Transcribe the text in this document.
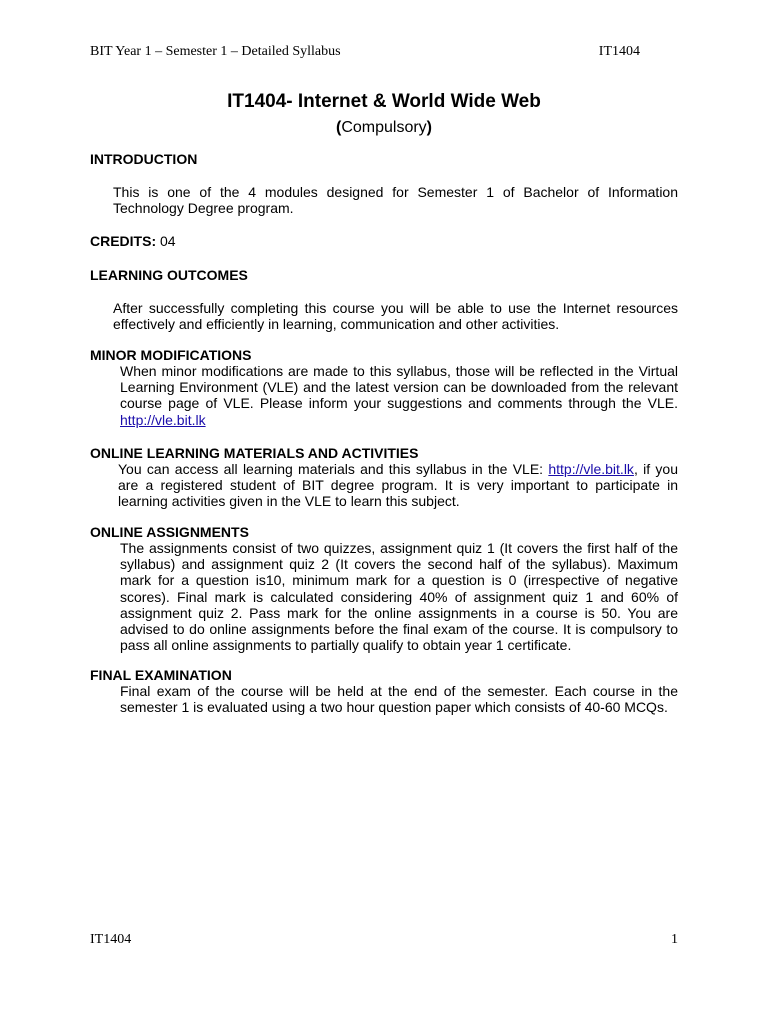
BIT Year 1 – Semester 1 – Detailed Syllabus	IT1404
IT1404- Internet & World Wide Web

(Compulsory)

INTRODUCTION

This is one of the 4 modules designed for Semester 1 of Bachelor of Information Technology Degree program.

CREDITS: 04
LEARNING OUTCOMES

After successfully completing this course you will be able to use the Internet resources effectively and efficiently in learning, communication and other activities.

MINOR MODIFICATIONS

When minor modifications are made to this syllabus, those will be reflected in the Virtual Learning Environment (VLE) and the latest version can be downloaded from the relevant course page of VLE. Please inform your suggestions and comments through the VLE. http://vle.bit.lk

ONLINE LEARNING MATERIALS AND ACTIVITIES

You can access all learning materials and this syllabus in the VLE: http://vle.bit.lk, if you are a registered student of BIT degree program. It is very important to participate in learning activities given in the VLE to learn this subject.

ONLINE ASSIGNMENTS

The assignments consist of two quizzes, assignment quiz 1 (It covers the first half of the syllabus) and assignment quiz 2 (It covers the second half of the syllabus). Maximum mark for a question is10, minimum mark for a question is 0 (irrespective of negative scores). Final mark is calculated considering 40% of assignment quiz 1 and 60% of assignment quiz 2. Pass mark for the online assignments in a course is 50. You are advised to do online assignments before the final exam of the course. It is compulsory to pass all online assignments to partially qualify to obtain year 1 certificate.

FINAL EXAMINATION

Final exam of the course will be held at the end of the semester. Each course in the semester 1 is evaluated using a two hour question paper which consists of 40-60 MCQs.

IT1404	1
